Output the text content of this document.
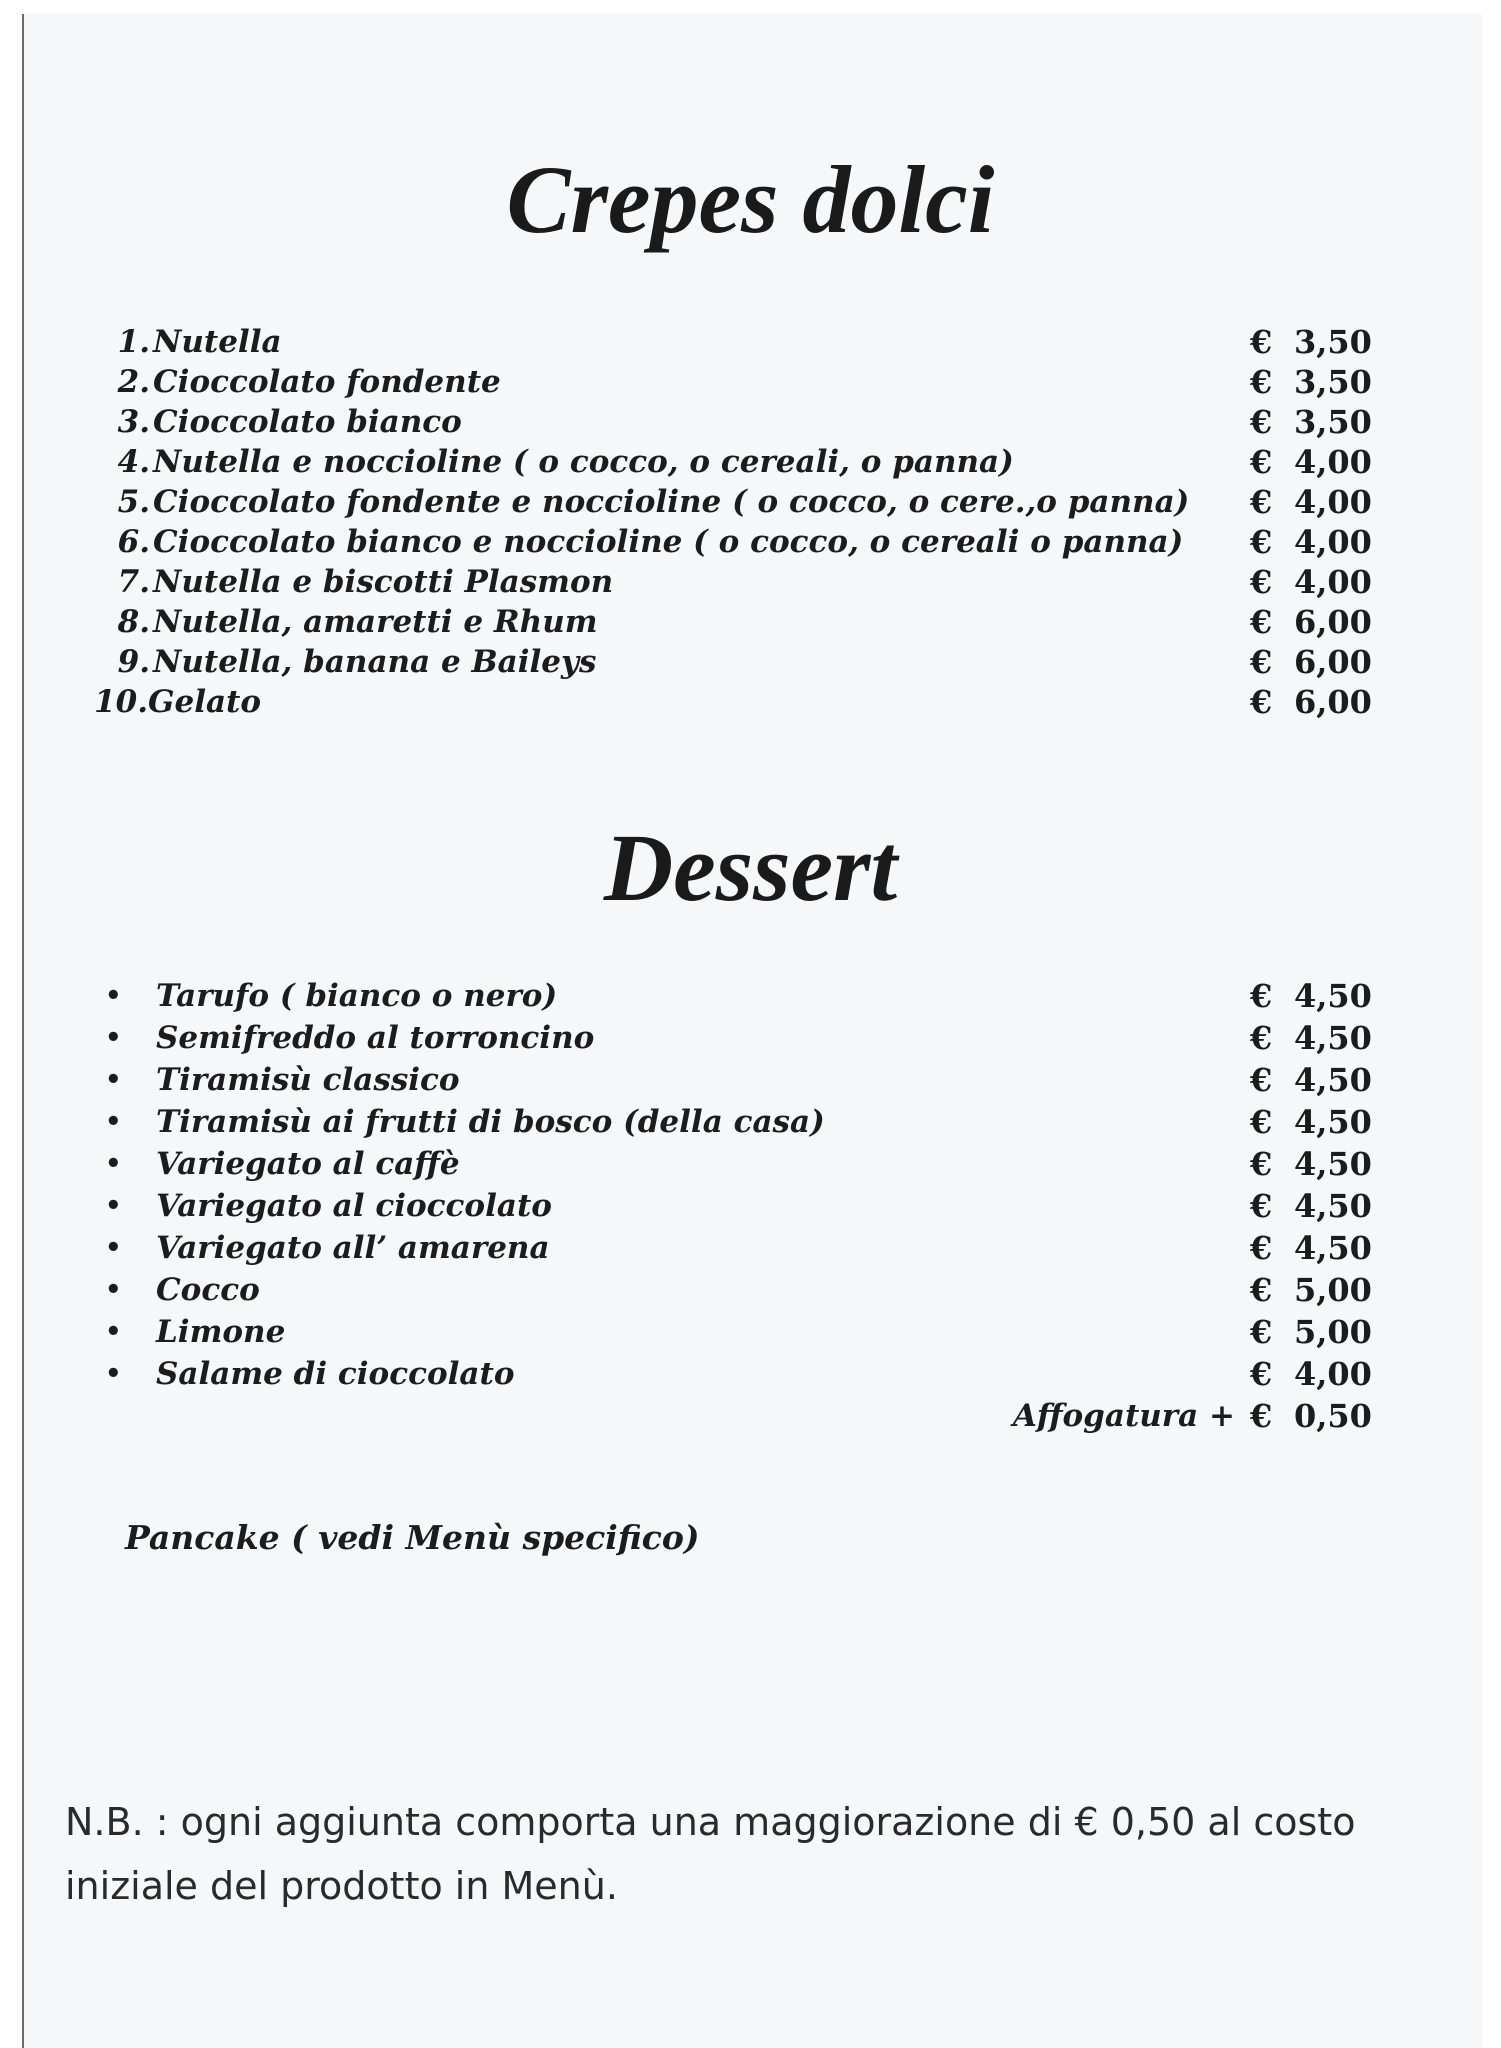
Crepes dolci
1. Nutella	€ 3,50
2. Cioccolato fondente	€ 3,50
3. Cioccolato bianco	€ 3,50
4. Nutella e noccioline ( o cocco, o cereali, o panna)	€ 4,00
5. Cioccolato fondente e noccioline ( o cocco, o cere.,o panna) € 4,00
6. Cioccolato bianco e noccioline ( o cocco, o cereali o panna) € 4,00
7. Nutella e biscotti Plasmon	€ 4,00
8. Nutella, amaretti e Rhum	€ 6,00
9. Nutella, banana e Baileys	€ 6,00
10. Gelato	€ 6,00
Dessert
• Tarufo ( bianco o nero)	€ 4,50
• Semifreddo al torroncino	€ 4,50
• Tiramisù classico	€ 4,50
• Tiramisù ai frutti di bosco (della casa)	€ 4,50
• Variegato al caffè	€ 4,50
• Variegato al cioccolato	€ 4,50
• Variegato all’ amarena	€ 4,50
• Cocco	€ 5,00
• Limone	€ 5,00
• Salame di cioccolato	€ 4,00
Affogatura + € 0,50
Pancake ( vedi Menù specifico)
N.B. : ogni aggiunta comporta una maggiorazione di € 0,50 al costo iniziale del prodotto in Menù.
